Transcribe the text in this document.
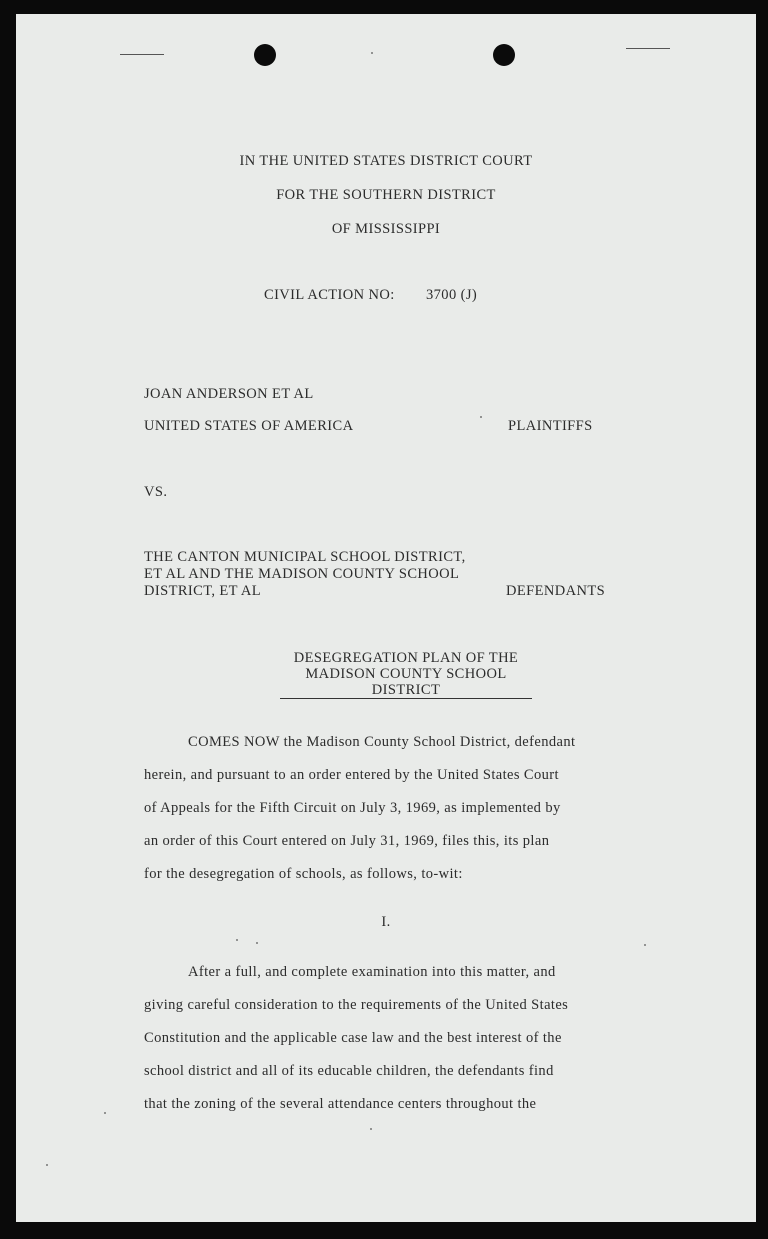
IN THE UNITED STATES DISTRICT COURT
FOR THE SOUTHERN DISTRICT
OF MISSISSIPPI
CIVIL ACTION NO: 3700 (J)
JOAN ANDERSON ET AL
UNITED STATES OF AMERICA	PLAINTIFFS
VS.
THE CANTON MUNICIPAL SCHOOL DISTRICT,
ET AL AND THE MADISON COUNTY SCHOOL
DISTRICT, ET AL	DEFENDANTS
DESEGREGATION PLAN OF THE
MADISON COUNTY SCHOOL
DISTRICT
COMES NOW the Madison County School District, defendant
herein, and pursuant to an order entered by the United States Court
of Appeals for the Fifth Circuit on July 3, 1969, as implemented by
an order of this Court entered on July 31, 1969, files this, its plan
for the desegregation of schools, as follows, to-wit:
I.
After a full, and complete examination into this matter, and
giving careful consideration to the requirements of the United States
Constitution and the applicable case law and the best interest of the
school district and all of its educable children, the defendants find
that the zoning of the several attendance centers throughout the
